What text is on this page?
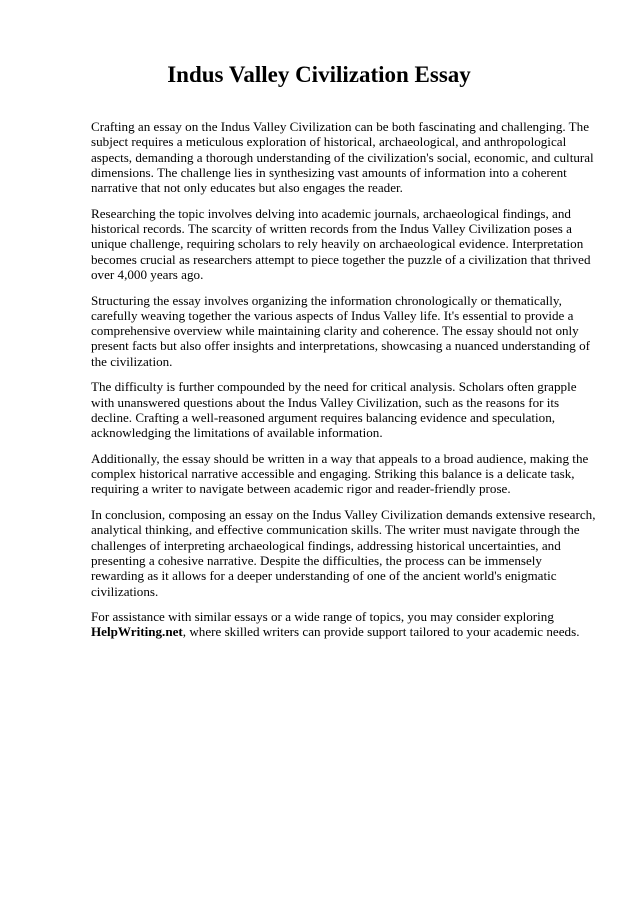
Indus Valley Civilization Essay

Crafting an essay on the Indus Valley Civilization can be both fascinating and challenging. The subject requires a meticulous exploration of historical, archaeological, and anthropological aspects, demanding a thorough understanding of the civilization's social, economic, and cultural dimensions. The challenge lies in synthesizing vast amounts of information into a coherent narrative that not only educates but also engages the reader.

Researching the topic involves delving into academic journals, archaeological findings, and historical records. The scarcity of written records from the Indus Valley Civilization poses a unique challenge, requiring scholars to rely heavily on archaeological evidence. Interpretation becomes crucial as researchers attempt to piece together the puzzle of a civilization that thrived over 4,000 years ago.

Structuring the essay involves organizing the information chronologically or thematically, carefully weaving together the various aspects of Indus Valley life. It's essential to provide a comprehensive overview while maintaining clarity and coherence. The essay should not only present facts but also offer insights and interpretations, showcasing a nuanced understanding of the civilization.

The difficulty is further compounded by the need for critical analysis. Scholars often grapple with unanswered questions about the Indus Valley Civilization, such as the reasons for its decline. Crafting a well-reasoned argument requires balancing evidence and speculation, acknowledging the limitations of available information.

Additionally, the essay should be written in a way that appeals to a broad audience, making the complex historical narrative accessible and engaging. Striking this balance is a delicate task, requiring a writer to navigate between academic rigor and reader-friendly prose.

In conclusion, composing an essay on the Indus Valley Civilization demands extensive research, analytical thinking, and effective communication skills. The writer must navigate through the challenges of interpreting archaeological findings, addressing historical uncertainties, and presenting a cohesive narrative. Despite the difficulties, the process can be immensely rewarding as it allows for a deeper understanding of one of the ancient world's enigmatic civilizations.

For assistance with similar essays or a wide range of topics, you may consider exploring HelpWriting.net, where skilled writers can provide support tailored to your academic needs.
